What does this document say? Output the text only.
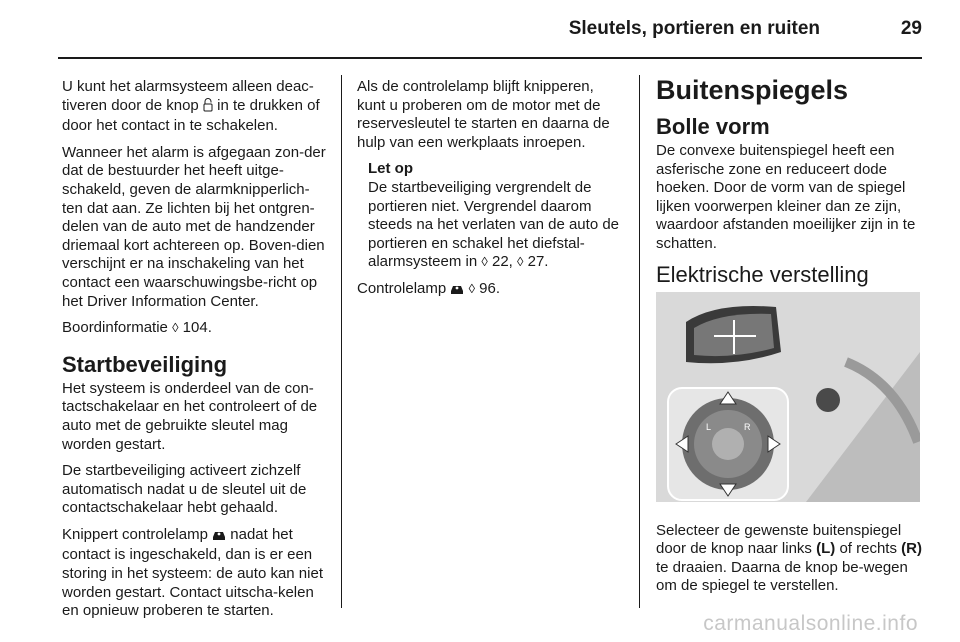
Sleutels, portieren en ruiten	29

U kunt het alarmsysteem alleen deac-tiveren door de knop in te drukken of door het contact in te schakelen.

Wanneer het alarm is afgegaan zon-der dat de bestuurder het heeft uitge-schakeld, geven de alarmknipperlich-ten dat aan. Ze lichten bij het ontgren-delen van de auto met de handzender driemaal kort achtereen op. Boven-dien verschijnt er na inschakeling van het contact een waarschuwingsbe-richt op het Driver Information Center.

Boordinformatie ◊ 104.

Startbeveiliging

Het systeem is onderdeel van de con-tactschakelaar en het controleert of de auto met de gebruikte sleutel mag worden gestart.

De startbeveiliging activeert zichzelf automatisch nadat u de sleutel uit de contactschakelaar hebt gehaald.

Knippert controlelamp nadat het contact is ingeschakeld, dan is er een storing in het systeem: de auto kan niet worden gestart. Contact uitscha-kelen en opnieuw proberen te starten.

Als de controlelamp blijft knipperen, kunt u proberen om de motor met de reservesleutel te starten en daarna de hulp van een werkplaats inroepen.

Let op
De startbeveiliging vergrendelt de portieren niet. Vergrendel daarom steeds na het verlaten van de auto de portieren en schakel het diefstal-alarmsysteem in ◊ 22, ◊ 27.

Controlelamp ◊ 96.

Buitenspiegels
Bolle vorm

De convexe buitenspiegel heeft een asferische zone en reduceert dode hoeken. Door de vorm van de spiegel lijken voorwerpen kleiner dan ze zijn, waardoor afstanden moeilijker zijn in te schatten.

Elektrische verstelling
L	R

Selecteer de gewenste buitenspiegel door de knop naar links (L) of rechts (R) te draaien. Daarna de knop be-wegen om de spiegel te verstellen.

carmanualsonline.info
